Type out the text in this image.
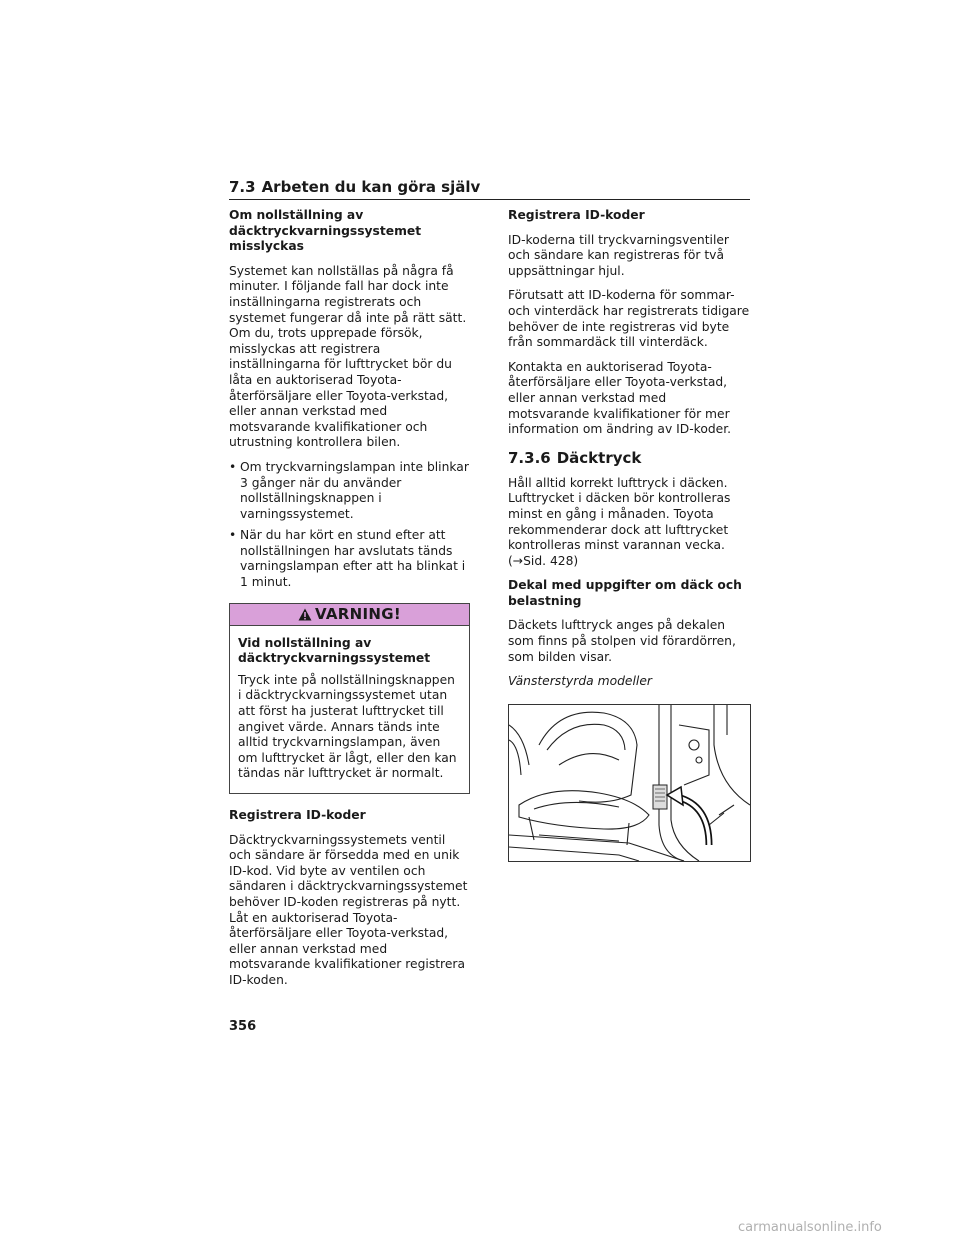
7.3 Arbeten du kan göra själv
Om nollställning av däcktryckvarningssystemet misslyckas

Systemet kan nollställas på några få minuter. I följande fall har dock inte inställningarna registrerats och systemet fungerar då inte på rätt sätt. Om du, trots upprepade försök, misslyckas att registrera inställningarna för lufttrycket bör du låta en auktoriserad Toyota-återförsäljare eller Toyota-verkstad, eller annan verkstad med motsvarande kvalifikationer och utrustning kontrollera bilen.

• Om tryckvarningslampan inte blinkar 3 gånger när du använder nollställningsknappen i varningssystemet.
• När du har kört en stund efter att nollställningen har avslutats tänds varningslampan efter att ha blinkat i 1 minut.
VARNING!
Vid nollställning av däcktryckvarningssystemet

Tryck inte på nollställningsknappen i däcktryckvarningssystemet utan att först ha justerat lufttrycket till angivet värde. Annars tänds inte alltid tryckvarningslampan, även om lufttrycket är lågt, eller den kan tändas när lufttrycket är normalt.

Registrera ID-koder

Däcktryckvarningssystemets ventil och sändare är försedda med en unik ID-kod. Vid byte av ventilen och sändaren i däcktryckvarningssystemet behöver ID-koden registreras på nytt. Låt en auktoriserad Toyota-återförsäljare eller Toyota-verkstad, eller annan verkstad med motsvarande kvalifikationer registrera ID-koden.

Registrera ID-koder

ID-koderna till tryckvarningsventiler och sändare kan registreras för två uppsättningar hjul.

Förutsatt att ID-koderna för sommar- och vinterdäck har registrerats tidigare behöver de inte registreras vid byte från sommardäck till vinterdäck.

Kontakta en auktoriserad Toyota-återförsäljare eller Toyota-verkstad, eller annan verkstad med motsvarande kvalifikationer för mer information om ändring av ID-koder.

7.3.6 Däcktryck

Håll alltid korrekt lufttryck i däcken. Lufttrycket i däcken bör kontrolleras minst en gång i månaden. Toyota rekommenderar dock att lufttrycket kontrolleras minst varannan vecka. (→Sid. 428)

Dekal med uppgifter om däck och belastning

Däckets lufttryck anges på dekalen som finns på stolpen vid förardörren, som bilden visar.

Vänsterstyrda modeller

356
carmanualsonline.info
